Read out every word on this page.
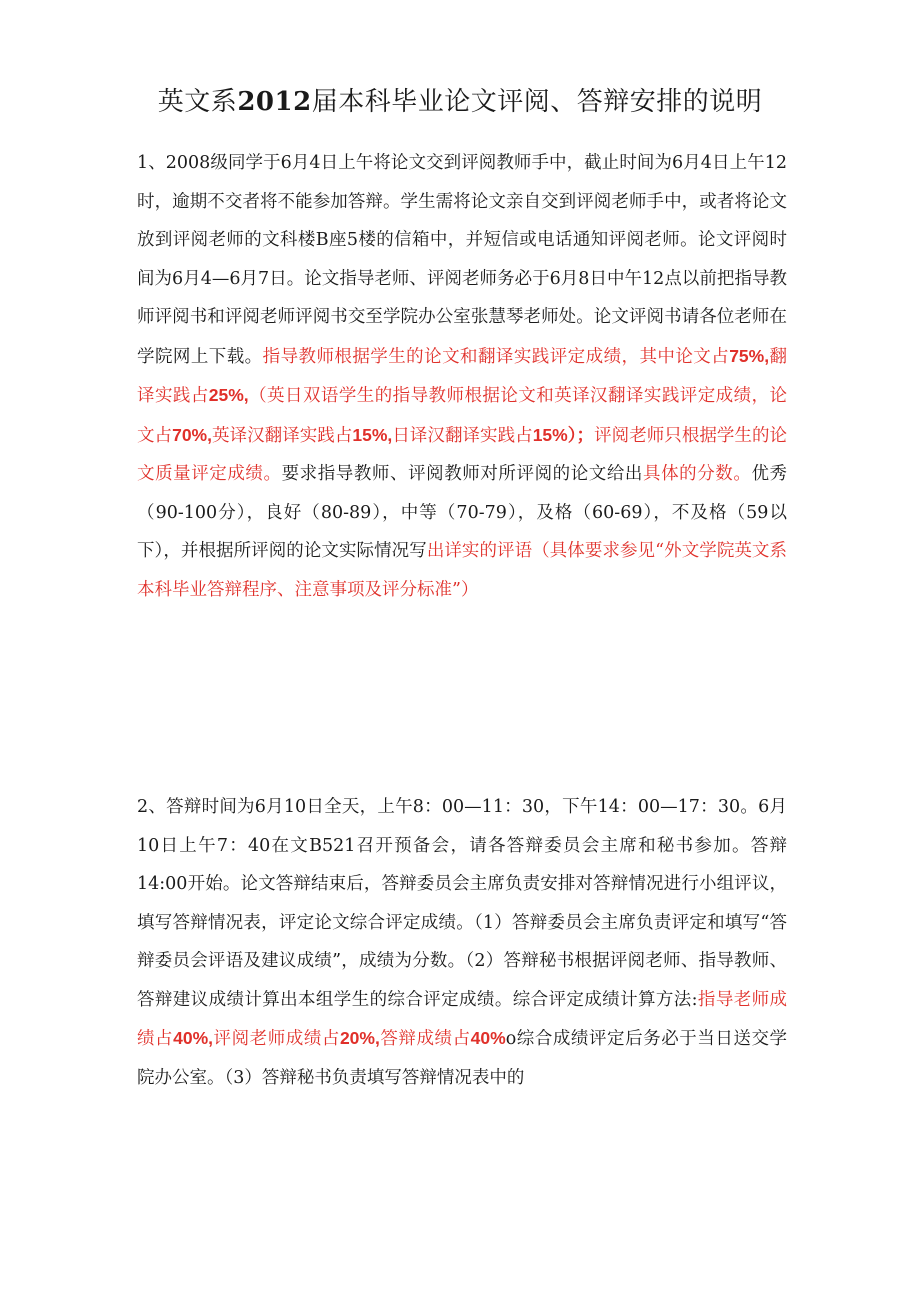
英文系2012届本科毕业论文评阅、答辩安排的说明
1、2008级同学于6月4日上午将论文交到评阅教师手中，截止时间为6月4日上午12时，逾期不交者将不能参加答辩。学生需将论文亲自交到评阅老师手中，或者将论文放到评阅老师的文科楼B座5楼的信箱中，并短信或电话通知评阅老师。论文评阅时间为6月4—6月7日。论文指导老师、评阅老师务必于6月8日中午12点以前把指导教师评阅书和评阅老师评阅书交至学院办公室张慧琴老师处。论文评阅书请各位老师在学院网上下载。指导教师根据学生的论文和翻译实践评定成绩，其中论文占75%,翻译实践占25%,（英日双语学生的指导教师根据论文和英译汉翻译实践评定成绩，论文占70%,英译汉翻译实践占15%,日译汉翻译实践占15%）；评阅老师只根据学生的论文质量评定成绩。要求指导教师、评阅教师对所评阅的论文给出具体的分数。优秀（90-100分），良好（80-89），中等（70-79），及格（60-69），不及格（59以下），并根据所评阅的论文实际情况写出详实的评语（具体要求参见“外文学院英文系本科毕业答辩程序、注意事项及评分标准”）
2、答辩时间为6月10日全天，上午8：00—11：30，下午14：00—17：30。6月10日上午7：40在文B521召开预备会，请各答辩委员会主席和秘书参加。答辩14:00开始。论文答辩结束后，答辩委员会主席负责安排对答辩情况进行小组评议，填写答辩情况表，评定论文综合评定成绩。（1）答辩委员会主席负责评定和填写“答辩委员会评语及建议成绩”，成绩为分数。（2）答辩秘书根据评阅老师、指导教师、答辩建议成绩计算出本组学生的综合评定成绩。综合评定成绩计算方法:指导老师成绩占40%,评阅老师成绩占20%,答辩成绩占40%o综合成绩评定后务必于当日送交学院办公室。（3）答辩秘书负责填写答辩情况表中的
